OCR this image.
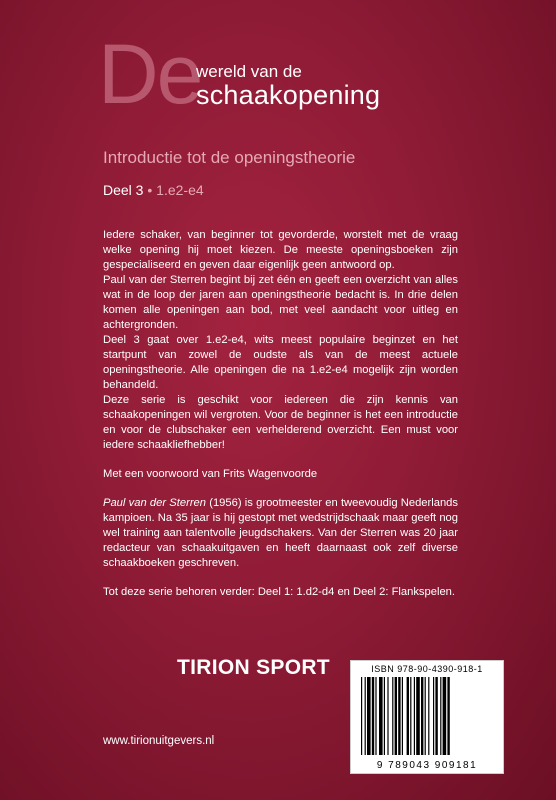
De
wereld van de
schaakopening
Introductie tot de openingstheorie
Deel 3 • 1.e2-e4

Iedere schaker, van beginner tot gevorderde, worstelt met de vraag welke opening hij moet kiezen. De meeste openingsboeken zijn gespecialiseerd en geven daar eigenlijk geen antwoord op.

Paul van der Sterren begint bij zet één en geeft een overzicht van alles wat in de loop der jaren aan openingstheorie bedacht is. In drie delen komen alle openingen aan bod, met veel aandacht voor uitleg en achtergronden.

Deel 3 gaat over 1.e2-e4, wits meest populaire beginzet en het startpunt van zowel de oudste als van de meest actuele openingstheorie. Alle openingen die na 1.e2-e4 mogelijk zijn worden behandeld.

Deze serie is geschikt voor iedereen die zijn kennis van schaakopeningen wil vergroten. Voor de beginner is het een introductie en voor de clubschaker een verhelderend overzicht. Een must voor iedere schaakliefhebber!

Met een voorwoord van Frits Wagenvoorde

Paul van der Sterren (1956) is grootmeester en tweevoudig Nederlands kampioen. Na 35 jaar is hij gestopt met wedstrijdschaak maar geeft nog wel training aan talentvolle jeugdschakers. Van der Sterren was 20 jaar redacteur van schaakuitgaven en heeft daarnaast ook zelf diverse schaakboeken geschreven.

Tot deze serie behoren verder: Deel 1: 1.d2-d4 en Deel 2: Flankspelen.

TIRION SPORT
www.tirionuitgevers.nl
ISBN 978-90-4390-918-1
9 789043 909181
